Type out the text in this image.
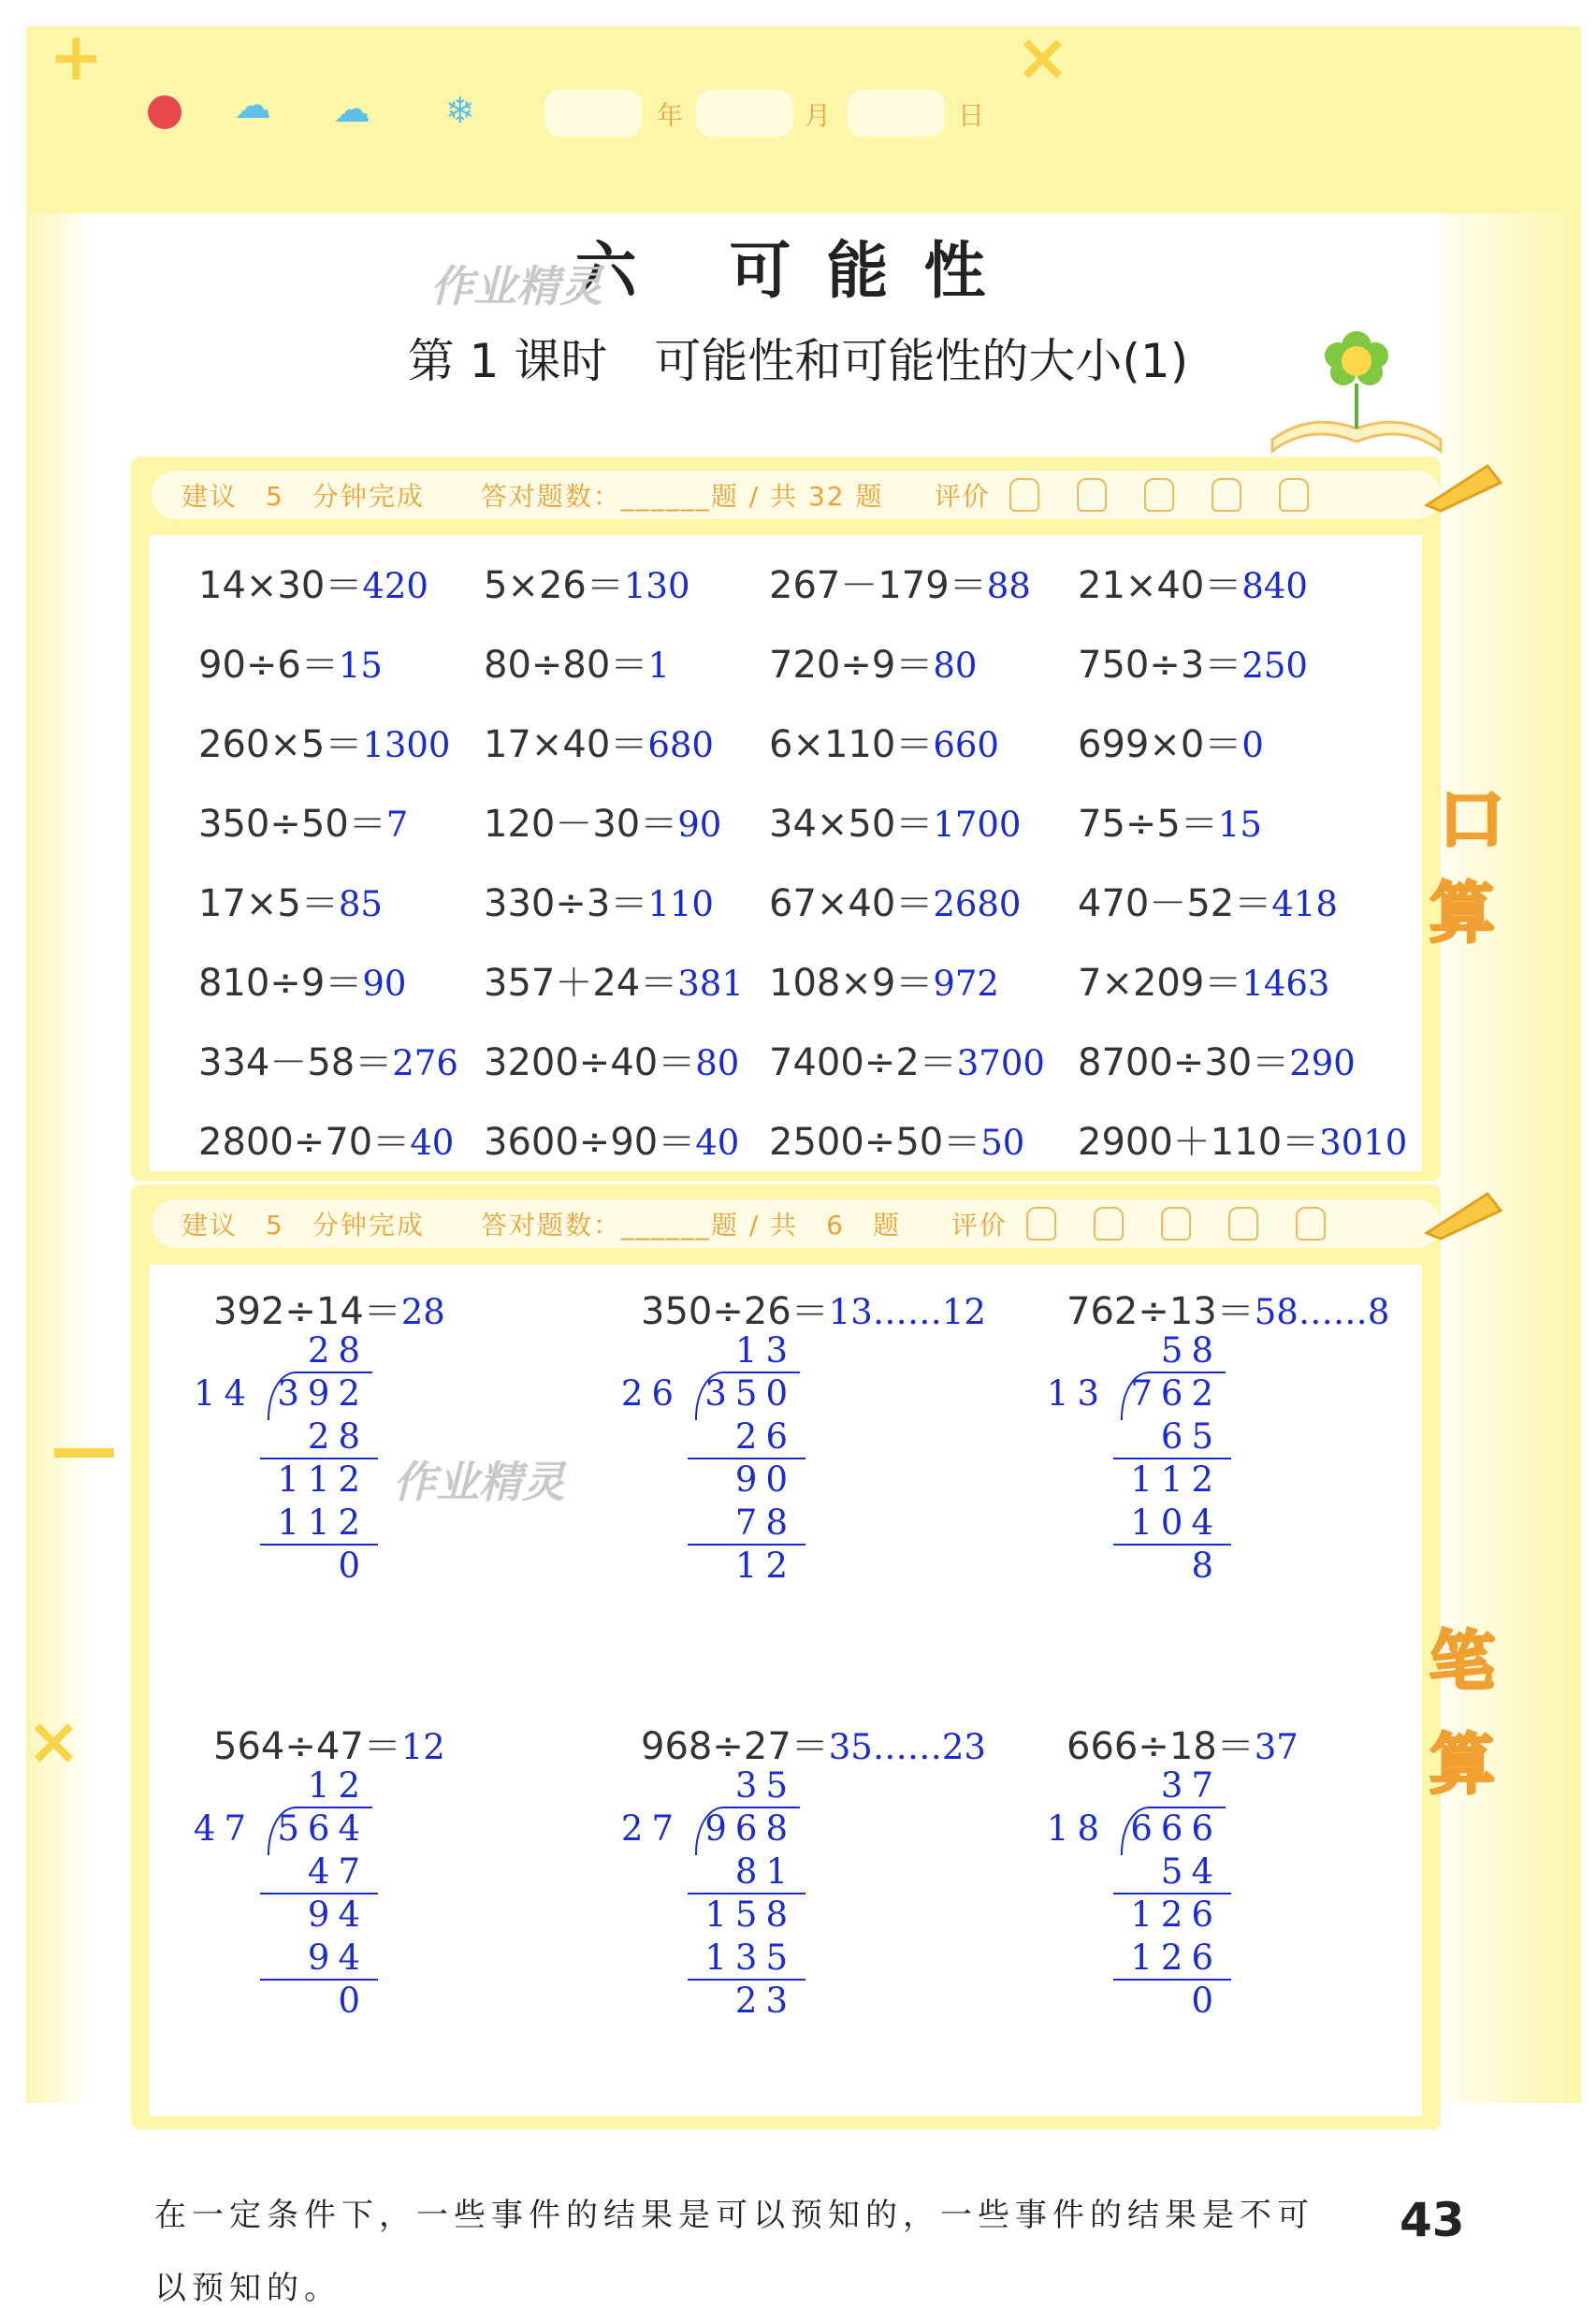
+	×
×
☁ ☁ ❄	年	月	日
六 可能性
第 1 课时　可能性和可能性的大小(1)
作业精灵
建议　5　分钟完成 答对题数：______题 / 共 32 题 评价
14×30＝420 5×26＝130 267－179＝88 21×40＝840
90÷6＝15	80÷80＝1	720÷9＝80	750÷3＝250
260×5＝1300 17×40＝680 6×110＝660 699×0＝0
350÷50＝7 120－30＝90 34×50＝1700 75÷5＝15
17×5＝85	330÷3＝110 67×40＝2680 470－52＝418
810÷9＝90 357＋24＝381 108×9＝972 7×209＝1463
334－58＝276 3200÷40＝80 7400÷2＝3700 8700÷30＝290
2800÷70＝40 3600÷90＝40 2500÷50＝50 2900＋110＝3010
口
算
建议　5　分钟完成 答对题数：______题 / 共　6　题 评价
作业精灵
392÷14＝28
28
14 392
28
112
112
0
350÷26＝13……12
13
26 350
26
90
78
12
762÷13＝58……8
58
13 762
65
112
104
8
564÷47＝12
12
47 564
47
94
94
0
968÷27＝35……23
35
27 968
81
158
135
23
666÷18＝37
37
18 666
54
126
126
0
笔
算
在一定条件下，一些事件的结果是可以预知的，一些事件的结果是不可
以预知的。
43
